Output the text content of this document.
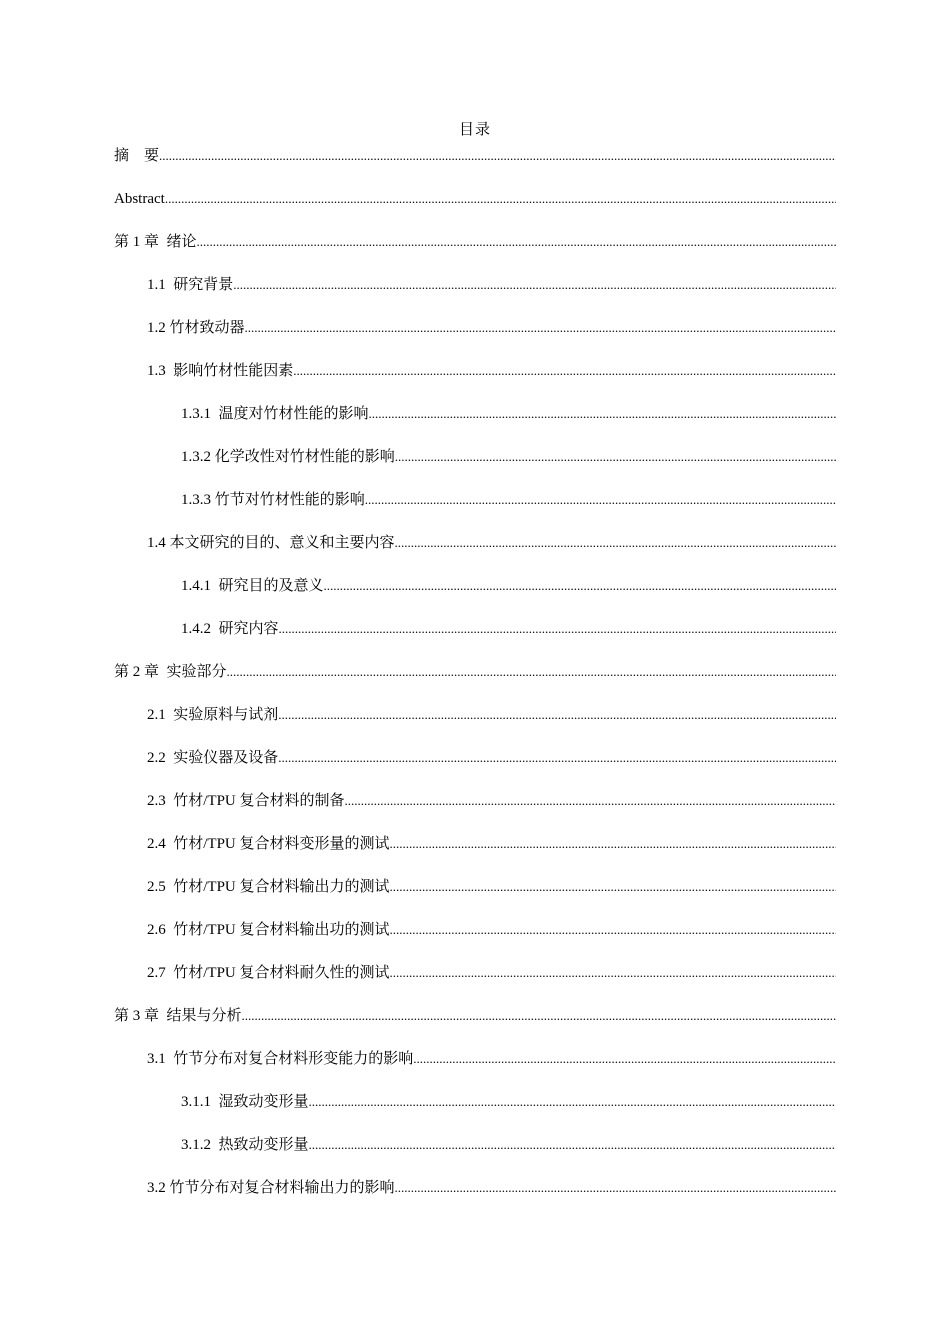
目录
摘    要
.....
Abstract
.....
第 1 章  绪论
.....
1.1  研究背景
.....
1.2 竹材致动器
.....
1.3  影响竹材性能因素
.....
1.3.1  温度对竹材性能的影响
.....
1.3.2 化学改性对竹材性能的影响
.....
1.3.3 竹节对竹材性能的影响
.....
1.4 本文研究的目的、意义和主要内容
.....
1.4.1  研究目的及意义
.....
1.4.2  研究内容
.....
第 2 章  实验部分
.....
2.1  实验原料与试剂
.....
2.2  实验仪器及设备
.....
2.3  竹材/TPU 复合材料的制备
.....
2.4  竹材/TPU 复合材料变形量的测试
.....
2.5  竹材/TPU 复合材料输出力的测试
.....
2.6  竹材/TPU 复合材料输出功的测试
.....
2.7  竹材/TPU 复合材料耐久性的测试
.....
第 3 章  结果与分析
.....
3.1  竹节分布对复合材料形变能力的影响
.....
3.1.1  湿致动变形量
.....
3.1.2  热致动变形量
.....
3.2 竹节分布对复合材料输出力的影响
.....
